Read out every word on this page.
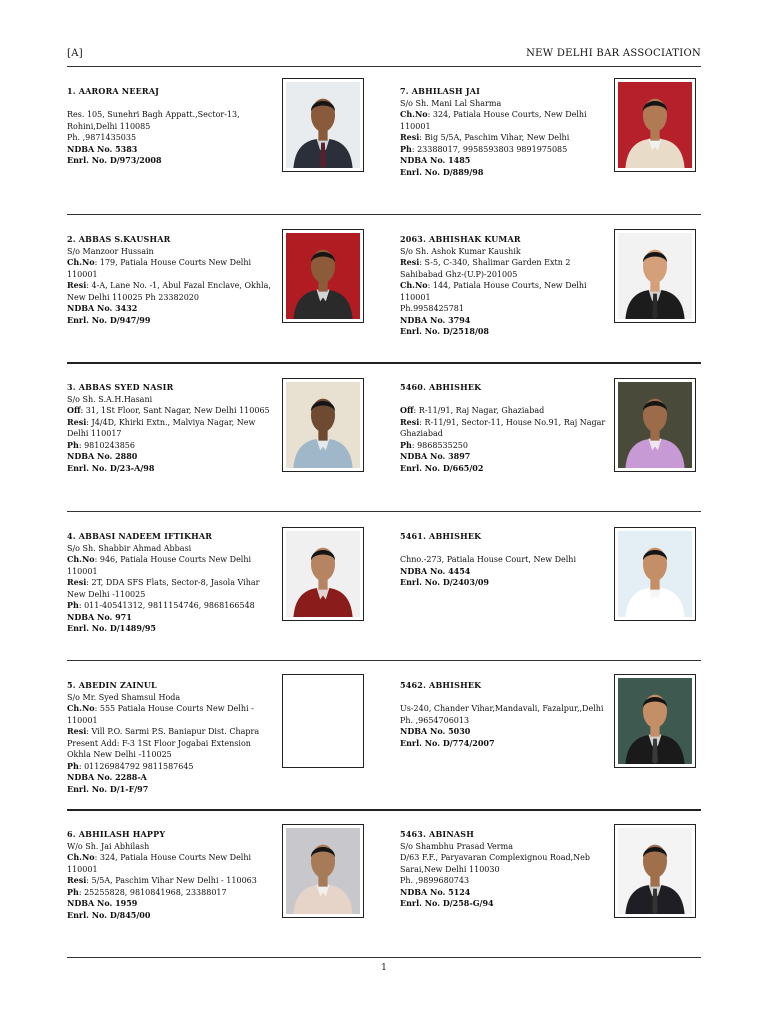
[A]	NEW DELHI BAR ASSOCIATION
1. AARORA NEERAJ

Res. 105, Sunehri Bagh Appatt.,Sector-13,
Rohini,Delhi 110085
Ph. ,9871435035
NDBA No. 5383
Enrl. No. D/973/2008
7. ABHILASH JAI
S/o Sh. Mani Lal Sharma
Ch.No: 324, Patiala House Courts, New Delhi
110001
Resi: Big 5/5A, Paschim Vihar, New Delhi
Ph: 23388017, 9958593803 9891975085
NDBA No. 1485
Enrl. No. D/889/98
2. ABBAS S.KAUSHAR
S/o Manzoor Hussain
Ch.No: 179, Patiala House Courts New Delhi
110001
Resi: 4-A, Lane No. -1, Abul Fazal Enclave, Okhla,
New Delhi 110025 Ph 23382020
NDBA No. 3432
Enrl. No. D/947/99
2063. ABHISHAK KUMAR
S/o Sh. Ashok Kumar Kaushik
Resi: S-5, C-340, Shalimar Garden Extn 2
Sahibabad Ghz-(U.P)-201005
Ch.No: 144, Patiala House Courts, New Delhi
110001
Ph.9958425781
NDBA No. 3794
Enrl. No. D/2518/08
3. ABBAS SYED NASIR
S/o Sh. S.A.H.Hasani
Off: 31, 1St Floor, Sant Nagar, New Delhi 110065
Resi: J4/4D, Khirki Extn., Malviya Nagar, New
Delhi 110017
Ph: 9810243856
NDBA No. 2880
Enrl. No. D/23-A/98
5460. ABHISHEK

Off: R-11/91, Raj Nagar, Ghaziabad
Resi: R-11/91, Sector-11, House No.91, Raj Nagar
Ghaziabad
Ph: 9868535250
NDBA No. 3897
Enrl. No. D/665/02
4. ABBASI NADEEM IFTIKHAR
S/o Sh. Shabbir Ahmad Abbasi
Ch.No: 946, Patiala House Courts New Delhi
110001
Resi: 2T, DDA SFS Flats, Sector-8, Jasola Vihar
New Delhi -110025
Ph: 011-40541312, 9811154746, 9868166548
NDBA No. 971
Enrl. No. D/1489/95
5461. ABHISHEK

Chno.-273, Patiala House Court, New Delhi
NDBA No. 4454
Enrl. No. D/2403/09
5. ABEDIN ZAINUL
S/o Mr. Syed Shamsul Hoda
Ch.No: 555 Patiala House Courts New Delhi -
110001
Resi: Vill P.O. Sarmi P.S. Baniapur Dist. Chapra
Present Add: F-3 1St Floor Jogabai Extension
Okhla New Delhi -110025
Ph: 01126984792 9811587645
NDBA No. 2288-A
Enrl. No. D/1-F/97
5462. ABHISHEK

Us-240, Chander Vihar,Mandavali, Fazalpur,,Delhi
Ph. ,9654706013
NDBA No. 5030
Enrl. No. D/774/2007
6. ABHILASH HAPPY
W/o Sh. Jai Abhilash
Ch.No: 324, Patiala House Courts New Delhi
110001
Resi: 5/5A, Paschim Vihar New Delhi - 110063
Ph: 25255828, 9810841968, 23388017
NDBA No. 1959
Enrl. No. D/845/00
5463. ABINASH
S/o Shambhu Prasad Verma
D/63 F.F., Paryavaran Complexignou Road,Neb
Sarai,New Delhi 110030
Ph. ,9899680743
NDBA No. 5124
Enrl. No. D/258-G/94
1
